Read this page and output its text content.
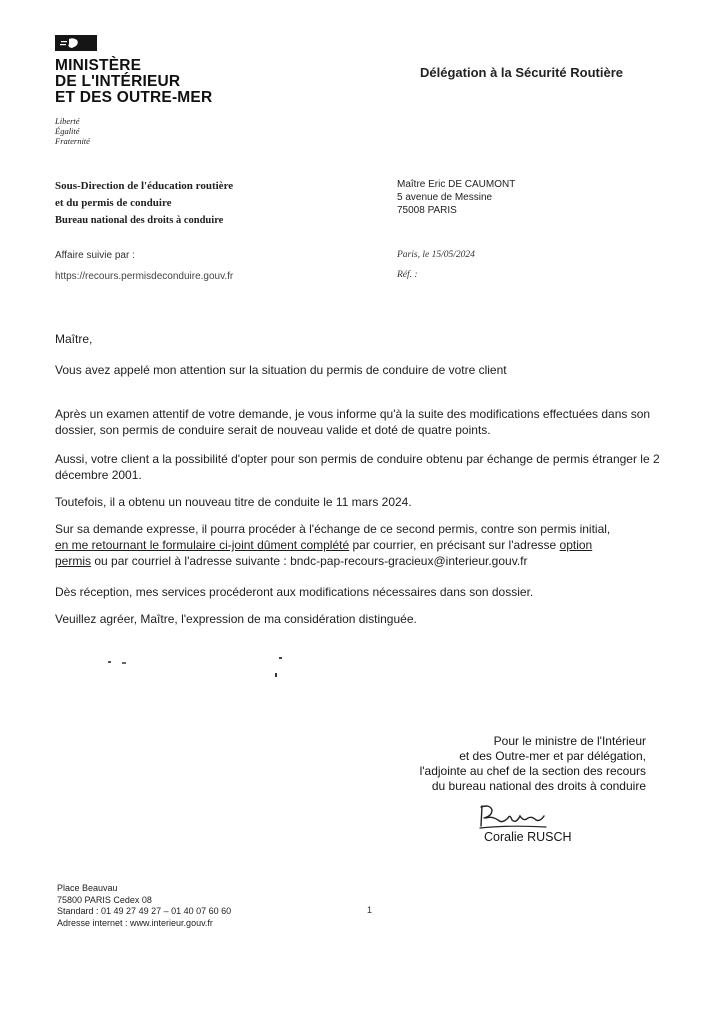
MINISTÈRE
DE L'INTÉRIEUR
ET DES OUTRE-MER
Liberté
Égalité
Fraternité
Délégation à la Sécurité Routière
Sous-Direction de l'éducation routière
et du permis de conduire
Bureau national des droits à conduire
Affaire suivie par :
https://recours.permisdeconduire.gouv.fr
Maître Eric DE CAUMONT
5 avenue de Messine
75008 PARIS
Paris, le 15/05/2024
Réf. :
Maître,
Vous avez appelé mon attention sur la situation du permis de conduire de votre client
Après un examen attentif de votre demande, je vous informe qu'à la suite des modifications effectuées dans son dossier, son permis de conduire serait de nouveau valide et doté de quatre points.
Aussi, votre client a la possibilité d'opter pour son permis de conduire obtenu par échange de permis étranger le 2 décembre 2001.
Toutefois, il a obtenu un nouveau titre de conduite le 11 mars 2024.
Sur sa demande expresse, il pourra procéder à l'échange de ce second permis, contre son permis initial,
en me retournant le formulaire ci-joint dûment complété par courrier, en précisant sur l'adresse option
permis ou par courriel à l'adresse suivante : bndc-pap-recours-gracieux@interieur.gouv.fr
Dès réception, mes services procéderont aux modifications nécessaires dans son dossier.
Veuillez agréer, Maître, l'expression de ma considération distinguée.
Pour le ministre de l'Intérieur
et des Outre-mer et par délégation,
l'adjointe au chef de la section des recours
du bureau national des droits à conduire
Coralie RUSCH
Place Beauvau
75800 PARIS Cedex 08
Standard : 01 49 27 49 27 – 01 40 07 60 60
Adresse internet : www.interieur.gouv.fr
1
